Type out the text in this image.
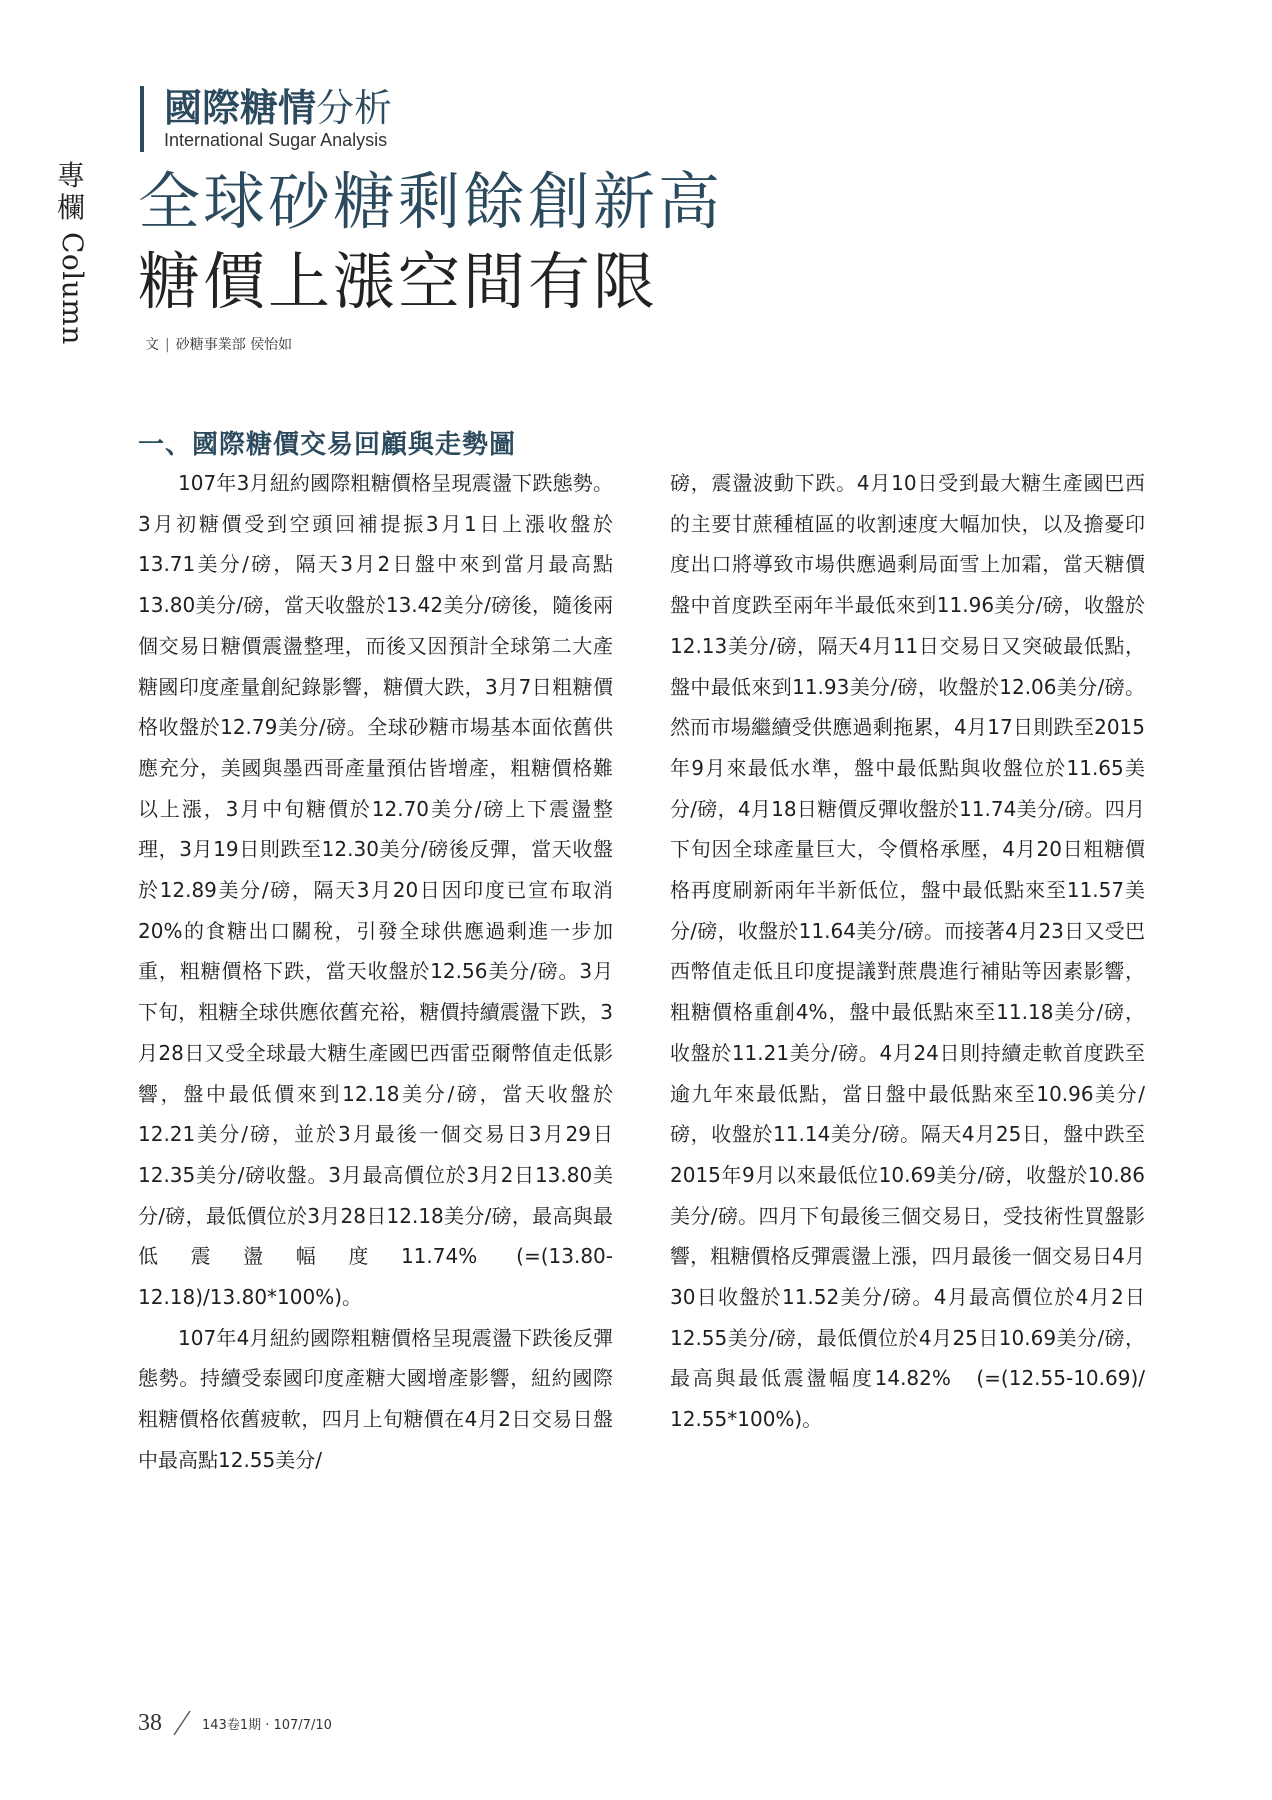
專欄
Column
國際糖情分析
International Sugar Analysis
全球砂糖剩餘創新高
糖價上漲空間有限
文 | 砂糖事業部 侯怡如
一、國際糖價交易回顧與走勢圖

107年3月紐約國際粗糖價格呈現震盪下跌態勢。3月初糖價受到空頭回補提振3月1日上漲收盤於13.71美分/磅，隔天3月2日盤中來到當月最高點13.80美分/磅，當天收盤於13.42美分/磅後，隨後兩個交易日糖價震盪整理，而後又因預計全球第二大產糖國印度產量創紀錄影響，糖價大跌，3月7日粗糖價格收盤於12.79美分/磅。全球砂糖市場基本面依舊供應充分，美國與墨西哥產量預估皆增產，粗糖價格難以上漲，3月中旬糖價於12.70美分/磅上下震盪整理，3月19日則跌至12.30美分/磅後反彈，當天收盤於12.89美分/磅，隔天3月20日因印度已宣布取消20%的食糖出口關稅，引發全球供應過剩進一步加重，粗糖價格下跌，當天收盤於12.56美分/磅。3月下旬，粗糖全球供應依舊充裕，糖價持續震盪下跌，3月28日又受全球最大糖生產國巴西雷亞爾幣值走低影響，盤中最低價來到12.18美分/磅，當天收盤於12.21美分/磅，並於3月最後一個交易日3月29日12.35美分/磅收盤。3月最高價位於3月2日13.80美分/磅，最低價位於3月28日12.18美分/磅，最高與最低震盪幅度11.74% (=(13.80-12.18)/13.80*100%)。

107年4月紐約國際粗糖價格呈現震盪下跌後反彈態勢。持續受泰國印度產糖大國增產影響，紐約國際粗糖價格依舊疲軟，四月上旬糖價在4月2日交易日盤中最高點12.55美分/

磅，震盪波動下跌。4月10日受到最大糖生產國巴西的主要甘蔗種植區的收割速度大幅加快，以及擔憂印度出口將導致市場供應過剩局面雪上加霜，當天糖價盤中首度跌至兩年半最低來到11.96美分/磅，收盤於12.13美分/磅，隔天4月11日交易日又突破最低點，盤中最低來到11.93美分/磅，收盤於12.06美分/磅。然而市場繼續受供應過剩拖累，4月17日則跌至2015年9月來最低水準，盤中最低點與收盤位於11.65美分/磅，4月18日糖價反彈收盤於11.74美分/磅。四月下旬因全球產量巨大，令價格承壓，4月20日粗糖價格再度刷新兩年半新低位，盤中最低點來至11.57美分/磅，收盤於11.64美分/磅。而接著4月23日又受巴西幣值走低且印度提議對蔗農進行補貼等因素影響，粗糖價格重創4%，盤中最低點來至11.18美分/磅，收盤於11.21美分/磅。4月24日則持續走軟首度跌至逾九年來最低點，當日盤中最低點來至10.96美分/磅，收盤於11.14美分/磅。隔天4月25日，盤中跌至2015年9月以來最低位10.69美分/磅，收盤於10.86美分/磅。四月下旬最後三個交易日，受技術性買盤影響，粗糖價格反彈震盪上漲，四月最後一個交易日4月30日收盤於11.52美分/磅。4月最高價位於4月2日12.55美分/磅，最低價位於4月25日10.69美分/磅，最高與最低震盪幅度14.82%　(=(12.55-10.69)/ 12.55*100%)。

38	143卷1期 · 107/7/10
